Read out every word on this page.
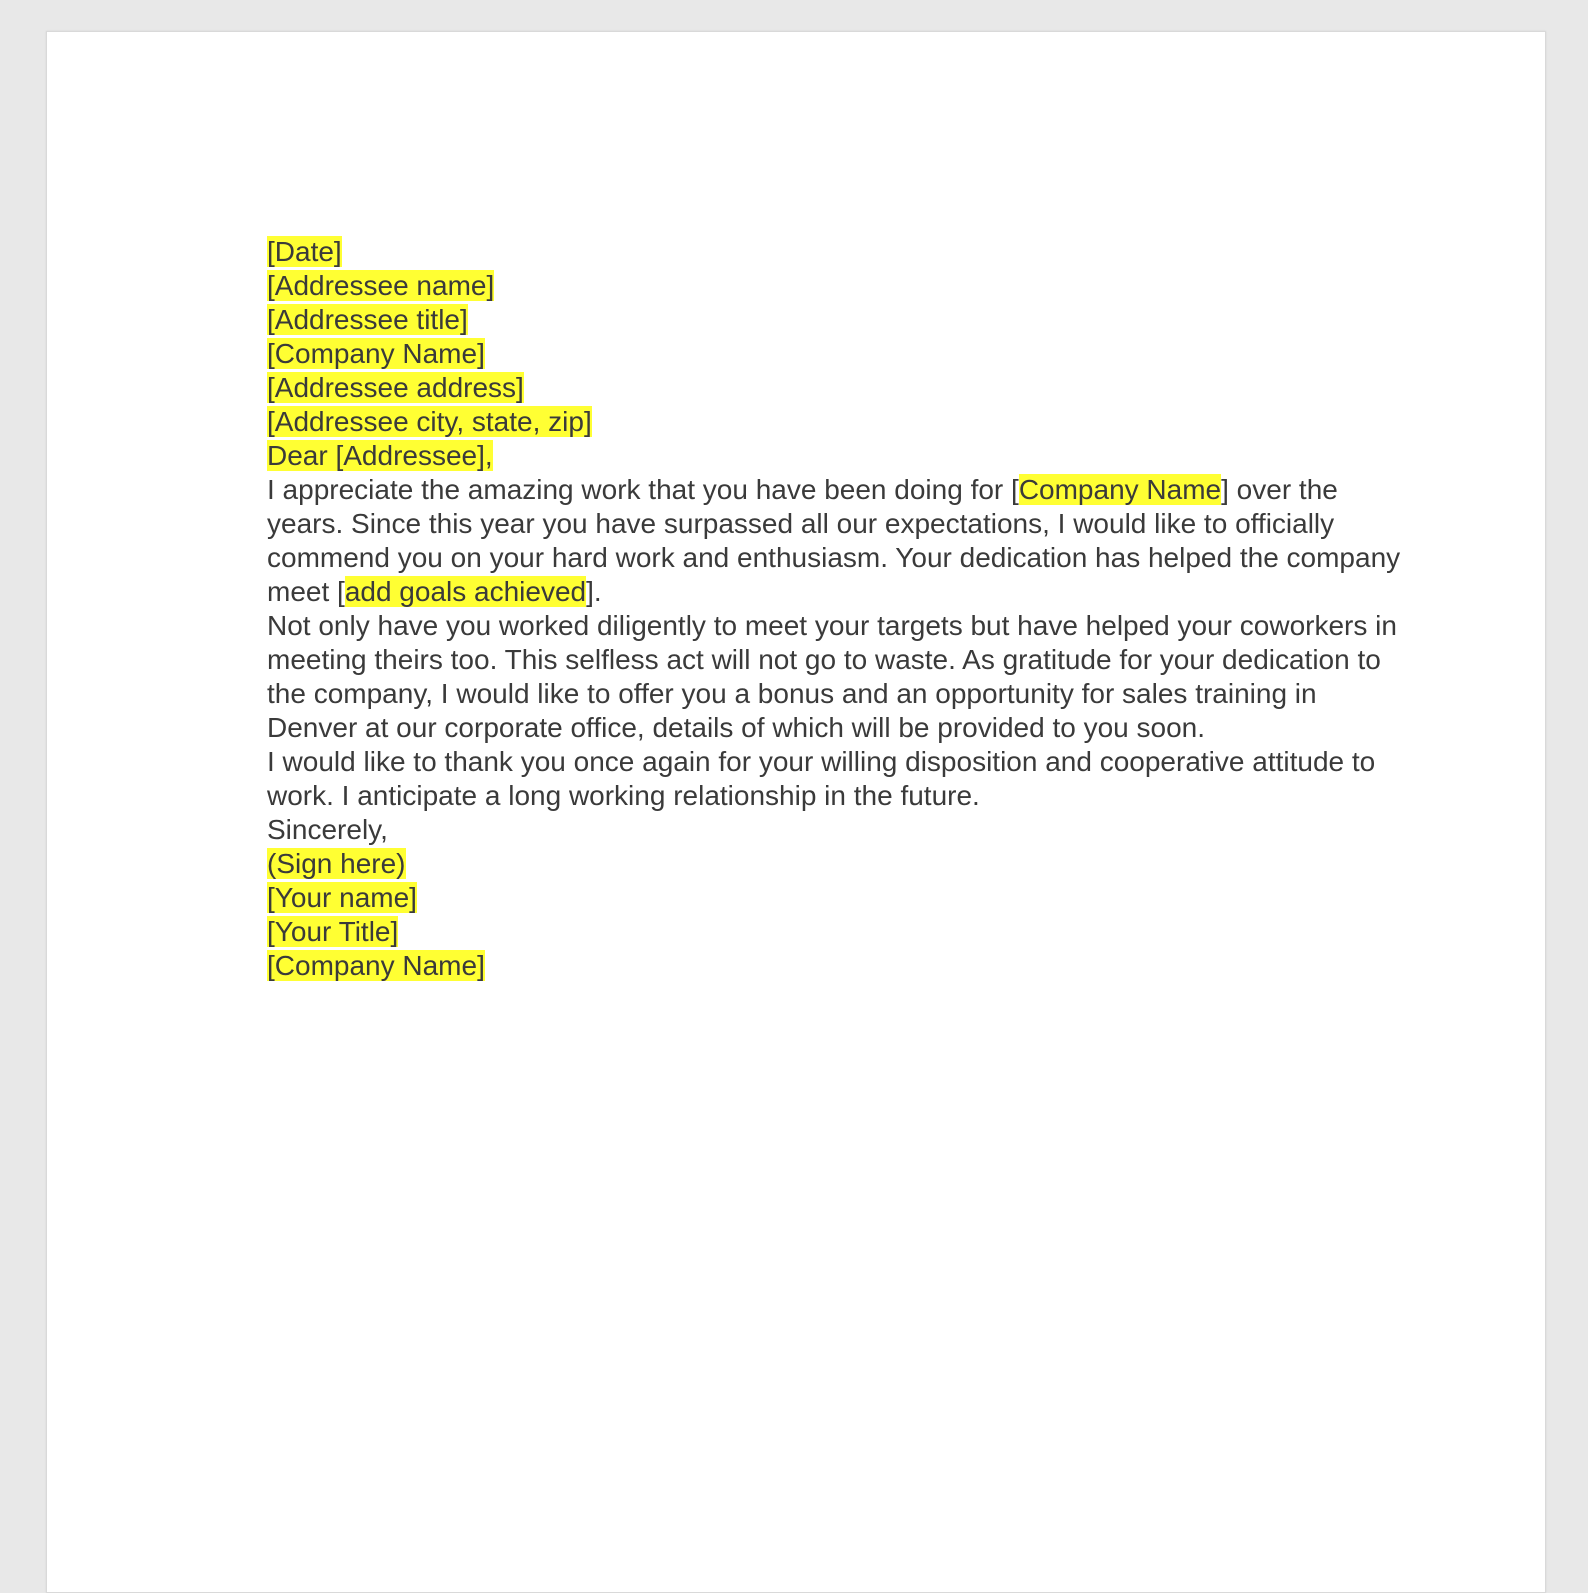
[Date]

[Addressee name]
[Addressee title]
[Company Name]
[Addressee address]
[Addressee city, state, zip]

Dear [Addressee],

I appreciate the amazing work that you have been doing for [Company Name] over the years. Since this year you have surpassed all our expectations, I would like to officially commend you on your hard work and enthusiasm. Your dedication has helped the company meet [add goals achieved].

Not only have you worked diligently to meet your targets but have helped your coworkers in meeting theirs too. This selfless act will not go to waste. As gratitude for your dedication to the company, I would like to offer you a bonus and an opportunity for sales training in Denver at our corporate office, details of which will be provided to you soon.

I would like to thank you once again for your willing disposition and cooperative attitude to work. I anticipate a long working relationship in the future.

Sincerely,

(Sign here)
[Your name]
[Your Title]
[Company Name]
